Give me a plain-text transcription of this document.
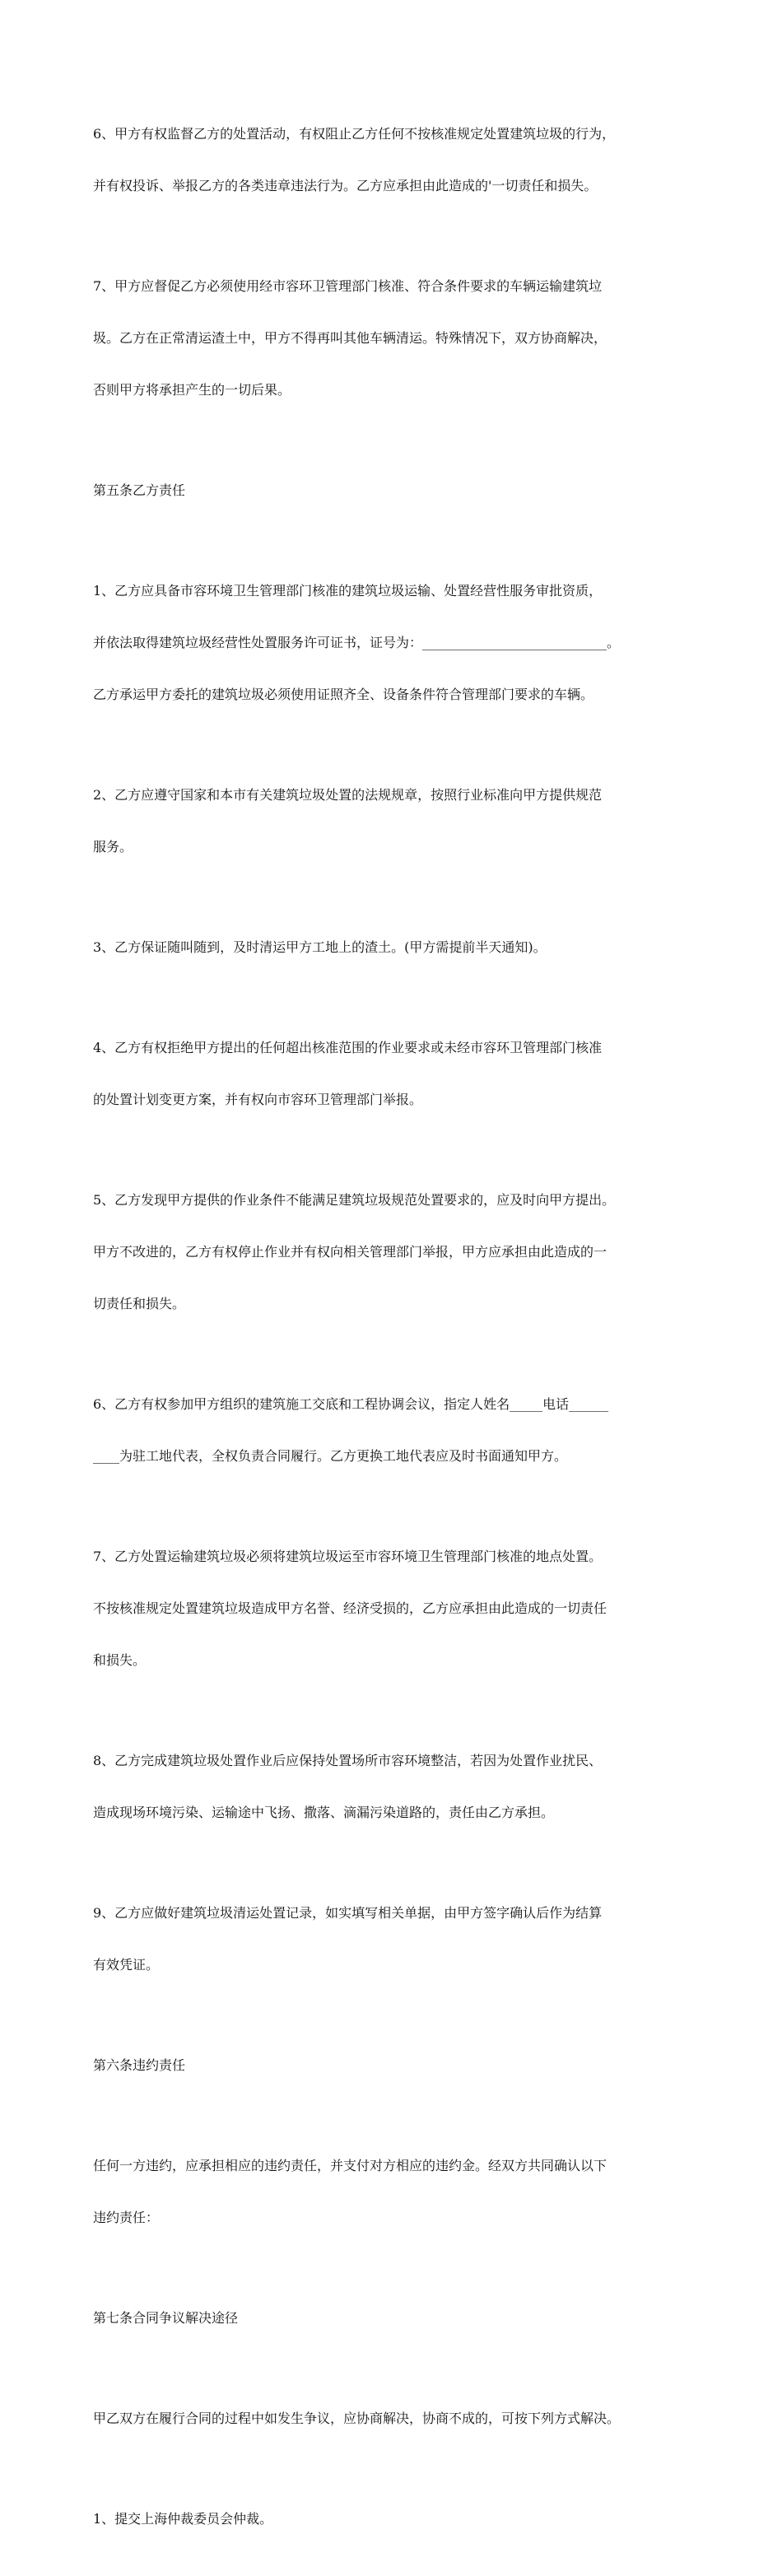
6、甲方有权监督乙方的处置活动，有权阻止乙方任何不按核准规定处置建筑垃圾的行为，

并有权投诉、举报乙方的各类违章违法行为。乙方应承担由此造成的'一切责任和损失。

7、甲方应督促乙方必须使用经市容环卫管理部门核准、符合条件要求的车辆运输建筑垃

圾。乙方在正常清运渣土中，甲方不得再叫其他车辆清运。特殊情况下，双方协商解决，

否则甲方将承担产生的一切后果。

第五条乙方责任

1、乙方应具备市容环境卫生管理部门核准的建筑垃圾运输、处置经营性服务审批资质，

并依法取得建筑垃圾经营性处置服务许可证书，证号为：____________________________。

乙方承运甲方委托的建筑垃圾必须使用证照齐全、设备条件符合管理部门要求的车辆。

2、乙方应遵守国家和本市有关建筑垃圾处置的法规规章，按照行业标准向甲方提供规范

服务。

3、乙方保证随叫随到，及时清运甲方工地上的渣土。(甲方需提前半天通知)。

4、乙方有权拒绝甲方提出的任何超出核准范围的作业要求或未经市容环卫管理部门核准

的处置计划变更方案，并有权向市容环卫管理部门举报。

5、乙方发现甲方提供的作业条件不能满足建筑垃圾规范处置要求的，应及时向甲方提出。

甲方不改进的，乙方有权停止作业并有权向相关管理部门举报，甲方应承担由此造成的一

切责任和损失。

6、乙方有权参加甲方组织的建筑施工交底和工程协调会议，指定人姓名_____电话______

____为驻工地代表，全权负责合同履行。乙方更换工地代表应及时书面通知甲方。

7、乙方处置运输建筑垃圾必须将建筑垃圾运至市容环境卫生管理部门核准的地点处置。

不按核准规定处置建筑垃圾造成甲方名誉、经济受损的，乙方应承担由此造成的一切责任

和损失。

8、乙方完成建筑垃圾处置作业后应保持处置场所市容环境整洁，若因为处置作业扰民、

造成现场环境污染、运输途中飞扬、撒落、滴漏污染道路的，责任由乙方承担。

9、乙方应做好建筑垃圾清运处置记录，如实填写相关单据，由甲方签字确认后作为结算

有效凭证。

第六条违约责任

任何一方违约，应承担相应的违约责任，并支付对方相应的违约金。经双方共同确认以下

违约责任：

第七条合同争议解决途径

甲乙双方在履行合同的过程中如发生争议，应协商解决，协商不成的，可按下列方式解决。

1、提交上海仲裁委员会仲裁。
